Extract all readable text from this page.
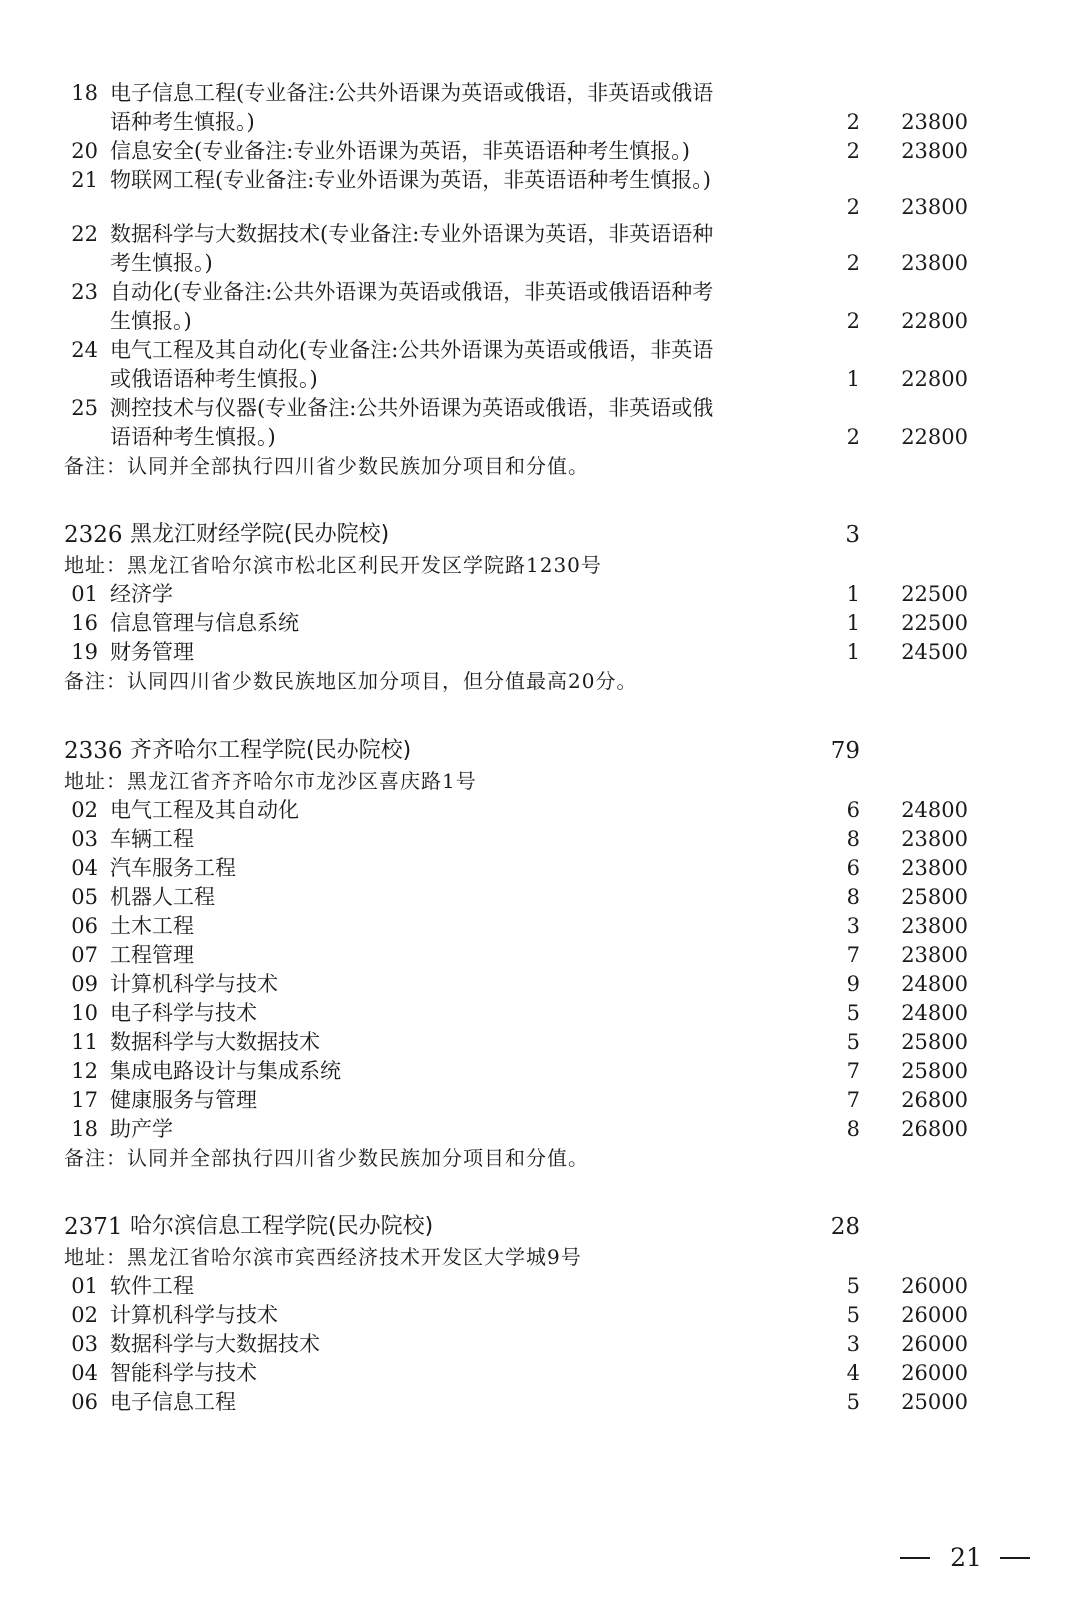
18 电子信息工程(专业备注:公共外语课为英语或俄语，非英语或俄语
语种考生慎报。)	2	23800
20 信息安全(专业备注:专业外语课为英语，非英语语种考生慎报。)	2	23800
21 物联网工程(专业备注:专业外语课为英语，非英语语种考生慎报。)
2	23800
22 数据科学与大数据技术(专业备注:专业外语课为英语，非英语语种
考生慎报。)	2	23800
23 自动化(专业备注:公共外语课为英语或俄语，非英语或俄语语种考
生慎报。)	2	22800
24 电气工程及其自动化(专业备注:公共外语课为英语或俄语，非英语
或俄语语种考生慎报。)	1	22800
25 测控技术与仪器(专业备注:公共外语课为英语或俄语，非英语或俄
语语种考生慎报。)	2	22800
备注：认同并全部执行四川省少数民族加分项目和分值。
2326 黑龙江财经学院(民办院校)	3
地址：黑龙江省哈尔滨市松北区利民开发区学院路1230号
01 经济学	1	22500
16 信息管理与信息系统	1	22500
19 财务管理	1	24500
备注：认同四川省少数民族地区加分项目，但分值最高20分。
2336 齐齐哈尔工程学院(民办院校)	79
地址：黑龙江省齐齐哈尔市龙沙区喜庆路1号
02 电气工程及其自动化	6	24800
03 车辆工程	8	23800
04 汽车服务工程	6	23800
05 机器人工程	8	25800
06 土木工程	3	23800
07 工程管理	7	23800
09 计算机科学与技术	9	24800
10 电子科学与技术	5	24800
11 数据科学与大数据技术	5	25800
12 集成电路设计与集成系统	7	25800
17 健康服务与管理	7	26800
18 助产学	8	26800
备注：认同并全部执行四川省少数民族加分项目和分值。
2371 哈尔滨信息工程学院(民办院校)	28
地址：黑龙江省哈尔滨市宾西经济技术开发区大学城9号
01 软件工程	5	26000
02 计算机科学与技术	5	26000
03 数据科学与大数据技术	3	26000
04 智能科学与技术	4	26000
06 电子信息工程	5	25000
21
